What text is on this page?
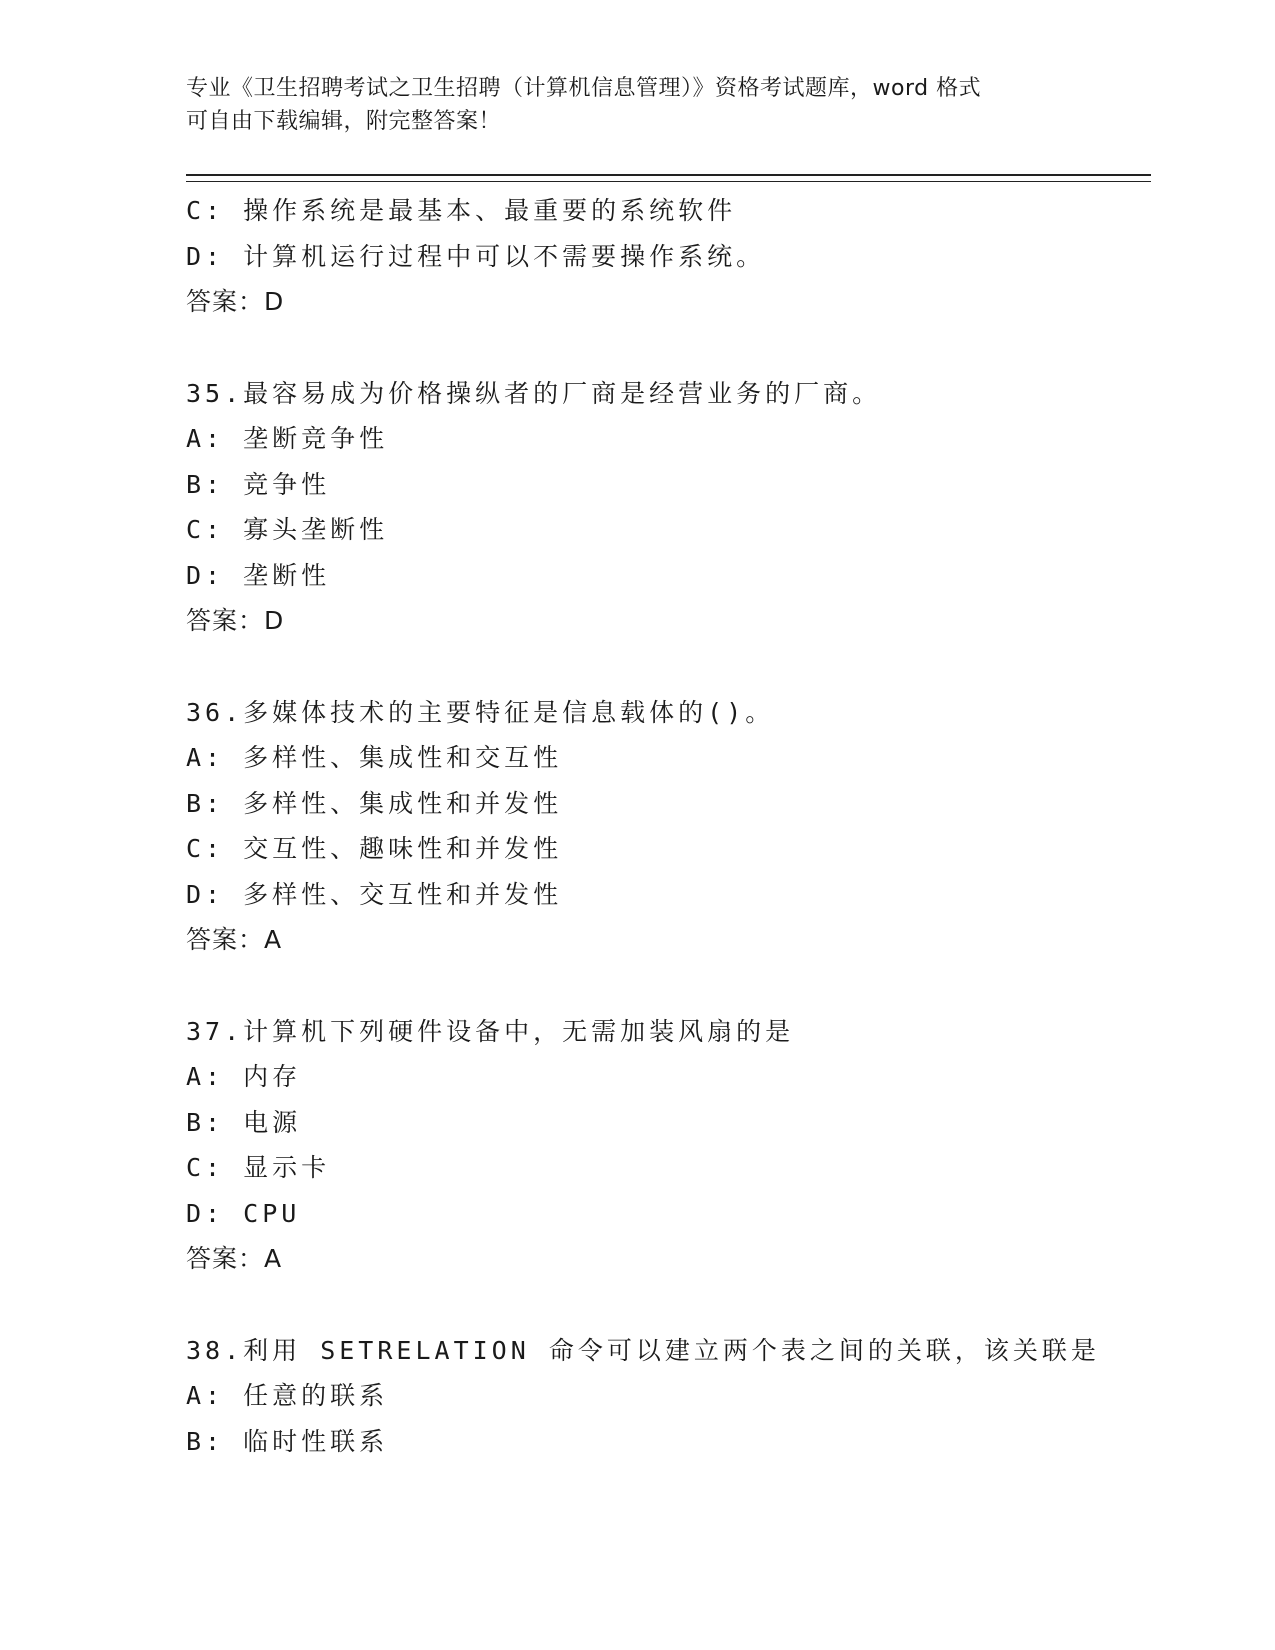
专业《卫生招聘考试之卫生招聘（计算机信息管理）》资格考试题库，word 格式
可自由下载编辑，附完整答案！
C: 操作系统是最基本、最重要的系统软件
D: 计算机运行过程中可以不需要操作系统。
答案：D
35.最容易成为价格操纵者的厂商是经营业务的厂商。
A: 垄断竞争性
B: 竞争性
C: 寡头垄断性
D: 垄断性
答案：D
36.多媒体技术的主要特征是信息载体的()。
A: 多样性、集成性和交互性
B: 多样性、集成性和并发性
C: 交互性、趣味性和并发性
D: 多样性、交互性和并发性
答案：A
37.计算机下列硬件设备中，无需加装风扇的是
A: 内存
B: 电源
C: 显示卡
D: CPU
答案：A
38.利用 SETRELATION 命令可以建立两个表之间的关联，该关联是
A: 任意的联系
B: 临时性联系
